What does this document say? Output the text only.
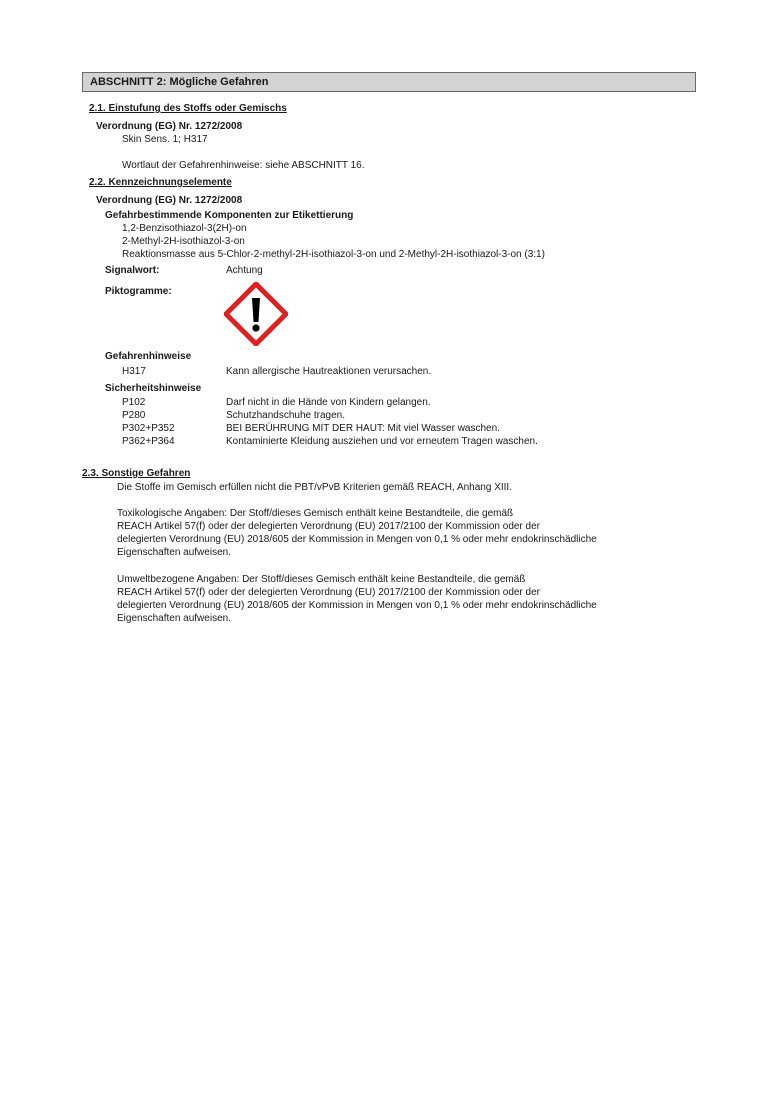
ABSCHNITT 2: Mögliche Gefahren
2.1. Einstufung des Stoffs oder Gemischs
Verordnung (EG) Nr. 1272/2008
Skin Sens. 1; H317
Wortlaut der Gefahrenhinweise: siehe ABSCHNITT 16.
2.2. Kennzeichnungselemente
Verordnung (EG) Nr. 1272/2008
Gefahrbestimmende Komponenten zur Etikettierung
1,2-Benzisothiazol-3(2H)-on
2-Methyl-2H-isothiazol-3-on
Reaktionsmasse aus 5-Chlor-2-methyl-2H-isothiazol-3-on und 2-Methyl-2H-isothiazol-3-on (3:1)
Signalwort:	Achtung
Piktogramme:
Gefahrenhinweise
H317	Kann allergische Hautreaktionen verursachen.
Sicherheitshinweise
P102	Darf nicht in die Hände von Kindern gelangen.
P280	Schutzhandschuhe tragen.
P302+P352	BEI BERÜHRUNG MIT DER HAUT: Mit viel Wasser waschen.
P362+P364	Kontaminierte Kleidung ausziehen und vor erneutem Tragen waschen.
2.3. Sonstige Gefahren
Die Stoffe im Gemisch erfüllen nicht die PBT/vPvB Kriterien gemäß REACH, Anhang XIII.
Toxikologische Angaben: Der Stoff/dieses Gemisch enthält keine Bestandteile, die gemäß
REACH Artikel 57(f) oder der delegierten Verordnung (EU) 2017/2100 der Kommission oder der
delegierten Verordnung (EU) 2018/605 der Kommission in Mengen von 0,1 % oder mehr endokrinschädliche
Eigenschaften aufweisen.
Umweltbezogene Angaben: Der Stoff/dieses Gemisch enthält keine Bestandteile, die gemäß
REACH Artikel 57(f) oder der delegierten Verordnung (EU) 2017/2100 der Kommission oder der
delegierten Verordnung (EU) 2018/605 der Kommission in Mengen von 0,1 % oder mehr endokrinschädliche
Eigenschaften aufweisen.
